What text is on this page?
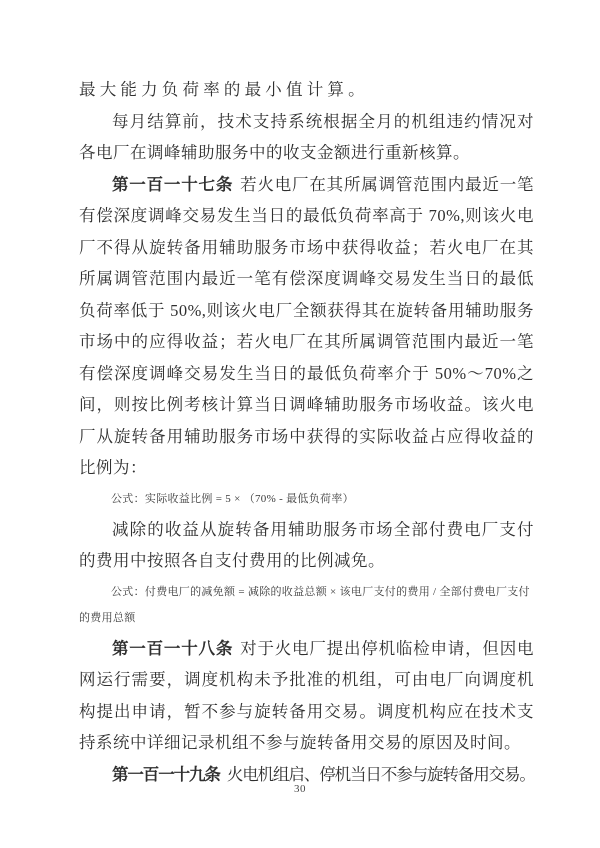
最大能力负荷率的最小值计算。

每月结算前，技术支持系统根据全月的机组违约情况对各电厂在调峰辅助服务中的收支金额进行重新核算。

第一百一十七条 若火电厂在其所属调管范围内最近一笔有偿深度调峰交易发生当日的最低负荷率高于 70%,则该火电厂不得从旋转备用辅助服务市场中获得收益；若火电厂在其所属调管范围内最近一笔有偿深度调峰交易发生当日的最低负荷率低于 50%,则该火电厂全额获得其在旋转备用辅助服务市场中的应得收益；若火电厂在其所属调管范围内最近一笔有偿深度调峰交易发生当日的最低负荷率介于 50%～70%之间，则按比例考核计算当日调峰辅助服务市场收益。该火电厂从旋转备用辅助服务市场中获得的实际收益占应得收益的比例为：

公式：实际收益比例 = 5 × （70% - 最低负荷率）

减除的收益从旋转备用辅助服务市场全部付费电厂支付的费用中按照各自支付费用的比例减免。

公式：付费电厂的减免额 = 减除的收益总额 × 该电厂支付的费用 / 全部付费电厂支付的费用总额

第一百一十八条 对于火电厂提出停机临检申请，但因电网运行需要，调度机构未予批准的机组，可由电厂向调度机构提出申请，暂不参与旋转备用交易。调度机构应在技术支持系统中详细记录机组不参与旋转备用交易的原因及时间。

第一百一十九条 火电机组启、停机当日不参与旋转备用交易。

30
